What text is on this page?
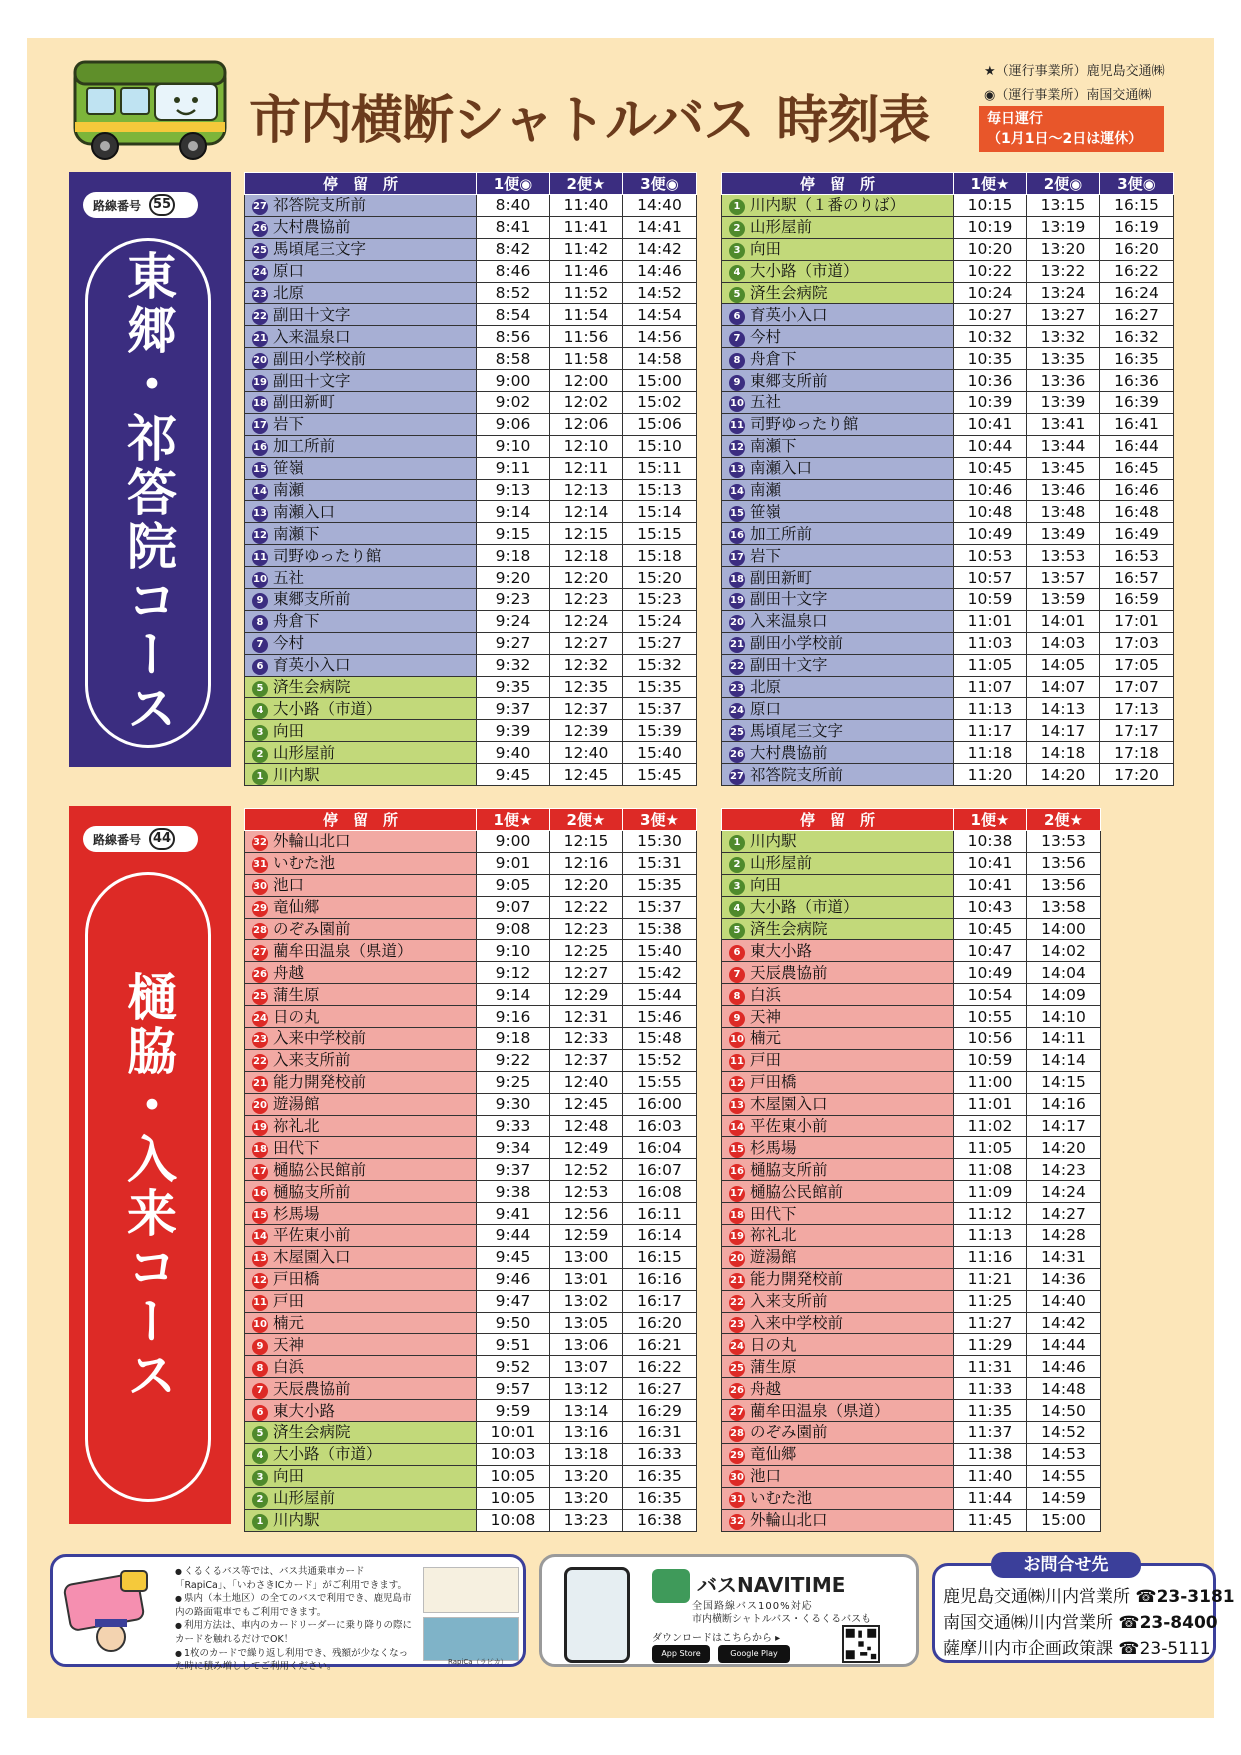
市内横断シャトルバス 時刻表
★（運行事業所）鹿児島交通㈱
◉（運行事業所）南国交通㈱
毎日運行
（1月1日～2日は運休）
路線番号 55
東郷・祁答院コース
路線番号 44
樋脇・入来コース
停　留　所	1便◉	2便★	3便◉
27 祁答院支所前	8:40	11:40	14:40
26 大村農協前	8:41	11:41	14:41
25 馬頃尾三文字	8:42	11:42	14:42
24 原口	8:46	11:46	14:46
23 北原	8:52	11:52	14:52
22 副田十文字	8:54	11:54	14:54
21 入来温泉口	8:56	11:56	14:56
20 副田小学校前	8:58	11:58	14:58
19 副田十文字	9:00	12:00	15:00
18 副田新町	9:02	12:02	15:02
17 岩下	9:06	12:06	15:06
16 加工所前	9:10	12:10	15:10
15 笹嶺	9:11	12:11	15:11
14 南瀬	9:13	12:13	15:13
13 南瀬入口	9:14	12:14	15:14
12 南瀬下	9:15	12:15	15:15
11 司野ゆったり館	9:18	12:18	15:18
10 五社	9:20	12:20	15:20
9 東郷支所前	9:23	12:23	15:23
8 舟倉下	9:24	12:24	15:24
7 今村	9:27	12:27	15:27
6 育英小入口	9:32	12:32	15:32
5 済生会病院	9:35	12:35	15:35
4 大小路（市道）	9:37	12:37	15:37
3 向田	9:39	12:39	15:39
2 山形屋前	9:40	12:40	15:40
1 川内駅	9:45	12:45	15:45
停　留　所	1便★	2便◉	3便◉
1 川内駅（１番のりば）	10:15	13:15	16:15
2 山形屋前	10:19	13:19	16:19
3 向田	10:20	13:20	16:20
4 大小路（市道）	10:22	13:22	16:22
5 済生会病院	10:24	13:24	16:24
6 育英小入口	10:27	13:27	16:27
7 今村	10:32	13:32	16:32
8 舟倉下	10:35	13:35	16:35
9 東郷支所前	10:36	13:36	16:36
10 五社	10:39	13:39	16:39
11 司野ゆったり館	10:41	13:41	16:41
12 南瀬下	10:44	13:44	16:44
13 南瀬入口	10:45	13:45	16:45
14 南瀬	10:46	13:46	16:46
15 笹嶺	10:48	13:48	16:48
16 加工所前	10:49	13:49	16:49
17 岩下	10:53	13:53	16:53
18 副田新町	10:57	13:57	16:57
19 副田十文字	10:59	13:59	16:59
20 入来温泉口	11:01	14:01	17:01
21 副田小学校前	11:03	14:03	17:03
22 副田十文字	11:05	14:05	17:05
23 北原	11:07	14:07	17:07
24 原口	11:13	14:13	17:13
25 馬頃尾三文字	11:17	14:17	17:17
26 大村農協前	11:18	14:18	17:18
27 祁答院支所前	11:20	14:20	17:20
停　留　所	1便★	2便★	3便★
32 外輪山北口	9:00	12:15	15:30
31 いむた池	9:01	12:16	15:31
30 池口	9:05	12:20	15:35
29 竜仙郷	9:07	12:22	15:37
28 のぞみ園前	9:08	12:23	15:38
27 藺牟田温泉（県道）	9:10	12:25	15:40
26 舟越	9:12	12:27	15:42
25 蒲生原	9:14	12:29	15:44
24 日の丸	9:16	12:31	15:46
23 入来中学校前	9:18	12:33	15:48
22 入来支所前	9:22	12:37	15:52
21 能力開発校前	9:25	12:40	15:55
20 遊湯館	9:30	12:45	16:00
19 祢礼北	9:33	12:48	16:03
18 田代下	9:34	12:49	16:04
17 樋脇公民館前	9:37	12:52	16:07
16 樋脇支所前	9:38	12:53	16:08
15 杉馬場	9:41	12:56	16:11
14 平佐東小前	9:44	12:59	16:14
13 木屋園入口	9:45	13:00	16:15
12 戸田橋	9:46	13:01	16:16
11 戸田	9:47	13:02	16:17
10 楠元	9:50	13:05	16:20
9 天神	9:51	13:06	16:21
8 白浜	9:52	13:07	16:22
7 天辰農協前	9:57	13:12	16:27
6 東大小路	9:59	13:14	16:29
5 済生会病院	10:01	13:16	16:31
4 大小路（市道）	10:03	13:18	16:33
3 向田	10:05	13:20	16:35
2 山形屋前	10:05	13:20	16:35
1 川内駅	10:08	13:23	16:38
停　留　所	1便★	2便★
1 川内駅	10:38	13:53
2 山形屋前	10:41	13:56
3 向田	10:41	13:56
4 大小路（市道）	10:43	13:58
5 済生会病院	10:45	14:00
6 東大小路	10:47	14:02
7 天辰農協前	10:49	14:04
8 白浜	10:54	14:09
9 天神	10:55	14:10
10 楠元	10:56	14:11
11 戸田	10:59	14:14
12 戸田橋	11:00	14:15
13 木屋園入口	11:01	14:16
14 平佐東小前	11:02	14:17
15 杉馬場	11:05	14:20
16 樋脇支所前	11:08	14:23
17 樋脇公民館前	11:09	14:24
18 田代下	11:12	14:27
19 祢礼北	11:13	14:28
20 遊湯館	11:16	14:31
21 能力開発校前	11:21	14:36
22 入来支所前	11:25	14:40
23 入来中学校前	11:27	14:42
24 日の丸	11:29	14:44
25 蒲生原	11:31	14:46
26 舟越	11:33	14:48
27 藺牟田温泉（県道）	11:35	14:50
28 のぞみ園前	11:37	14:52
29 竜仙郷	11:38	14:53
30 池口	11:40	14:55
31 いむた池	11:44	14:59
32 外輪山北口	11:45	15:00
● くるくるバス等では、バス共通乗車カード「RapiCa」、「いわさきICカード」がご利用できます。
● 県内（本土地区）の全てのバスで利用でき、鹿児島市内の路面電車でもご利用できます。
● 利用方法は、車内のカードリーダーに乗り降りの際にカードを触れるだけでOK！
● 1枚のカードで繰り返し利用でき、残額が少なくなった時に積み増ししてご利用ください。	RapiCa（ラピカ）
バスNAVITIME
全国路線バス100%対応
市内横断シャトルバス・くるくるバスも
ダウンロードはこちらから ▸
App Store	Google Play
お問合せ先
鹿児島交通㈱川内営業所 ☎23-3181
南国交通㈱川内営業所 ☎23-8400
薩摩川内市企画政策課 ☎23-5111
